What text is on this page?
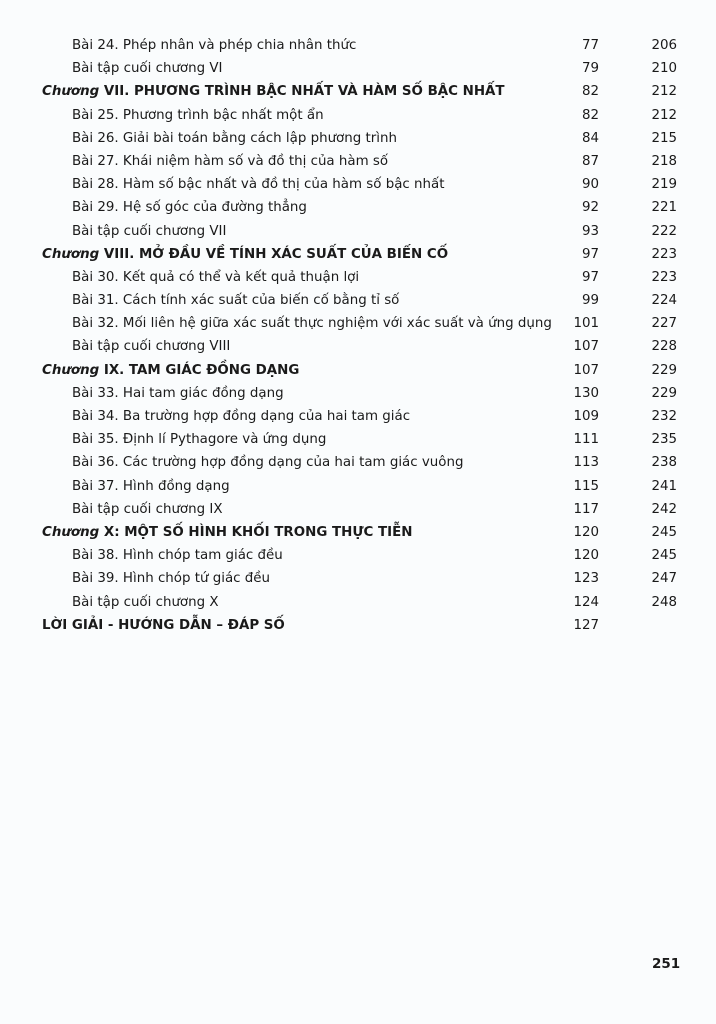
Bài 24. Phép nhân và phép chia nhân thức	77	206
Bài tập cuối chương VI	79	210
Chương VII. PHƯƠNG TRÌNH BẬC NHẤT VÀ HÀM SỐ BẬC NHẤT	82	212
Bài 25. Phương trình bậc nhất một ẩn	82	212
Bài 26. Giải bài toán bằng cách lập phương trình	84	215
Bài 27. Khái niệm hàm số và đồ thị của hàm số	87	218
Bài 28. Hàm số bậc nhất và đồ thị của hàm số bậc nhất	90	219
Bài 29. Hệ số góc của đường thẳng	92	221
Bài tập cuối chương VII	93	222
Chương VIII. MỞ ĐẦU VỀ TÍNH XÁC SUẤT CỦA BIẾN CỐ	97	223
Bài 30. Kết quả có thể và kết quả thuận lợi	97	223
Bài 31. Cách tính xác suất của biến cố bằng tỉ số	99	224
Bài 32. Mối liên hệ giữa xác suất thực nghiệm với xác suất và ứng dụng 101	227
Bài tập cuối chương VIII	107	228
Chương IX. TAM GIÁC ĐỒNG DẠNG	107	229
Bài 33. Hai tam giác đồng dạng	130	229
Bài 34. Ba trường hợp đồng dạng của hai tam giác	109	232
Bài 35. Định lí Pythagore và ứng dụng	111	235
Bài 36. Các trường hợp đồng dạng của hai tam giác vuông	113	238
Bài 37. Hình đồng dạng	115	241
Bài tập cuối chương IX	117	242
Chương X: MỘT SỐ HÌNH KHỐI TRONG THỰC TIỄN	120	245
Bài 38. Hình chóp tam giác đều	120	245
Bài 39. Hình chóp tứ giác đều	123	247
Bài tập cuối chương X	124	248
LỜI GIẢI - HƯỚNG DẪN – ĐÁP SỐ	127
251
